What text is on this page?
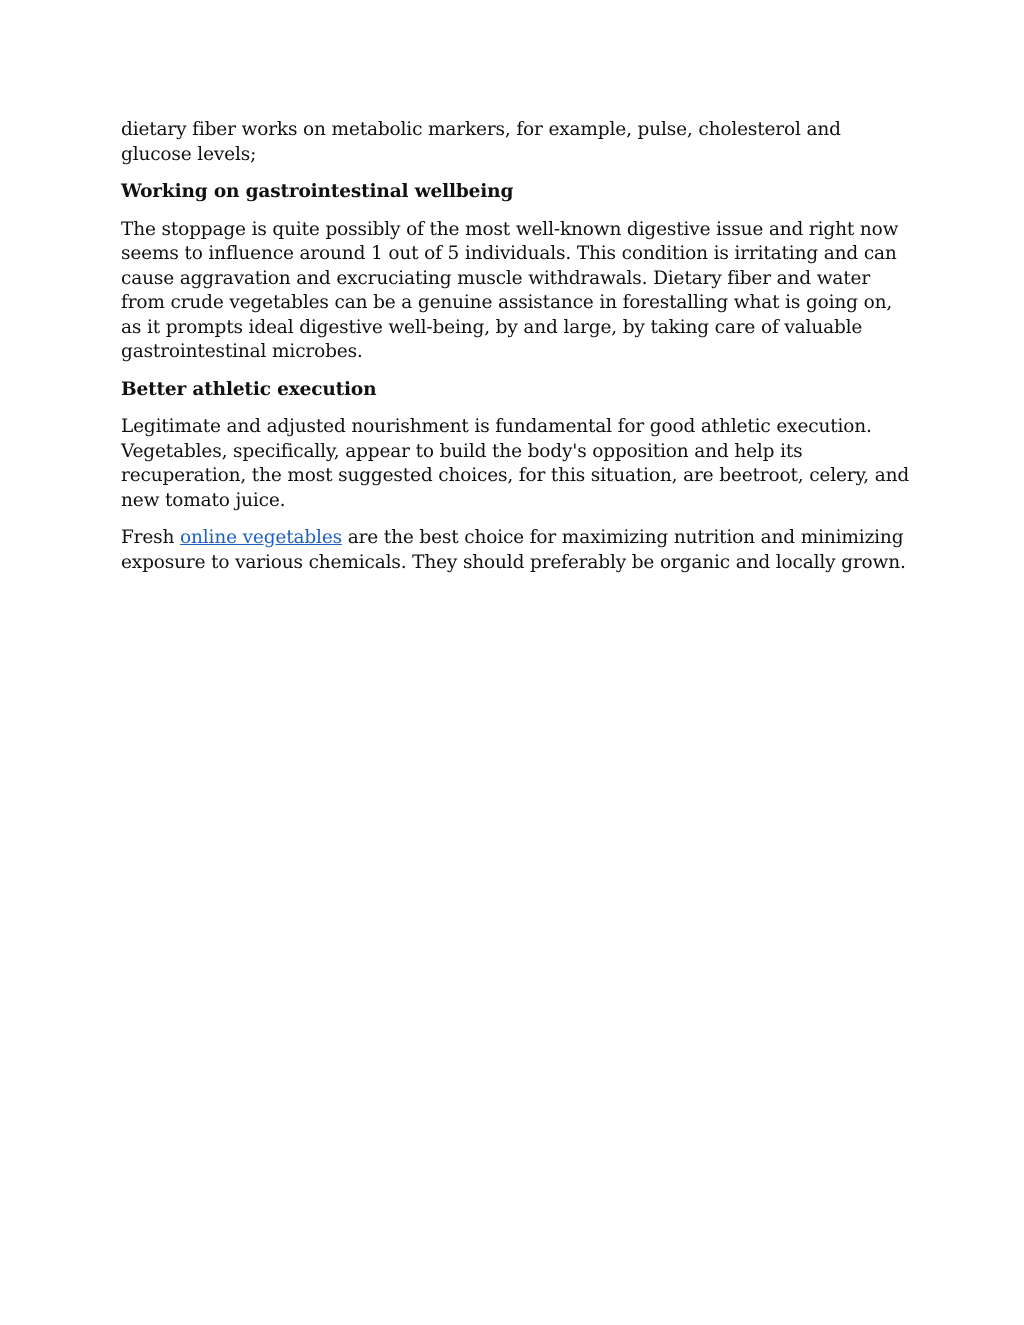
dietary fiber works on metabolic markers, for example, pulse, cholesterol and glucose levels;

Working on gastrointestinal wellbeing

The stoppage is quite possibly of the most well-known digestive issue and right now seems to influence around 1 out of 5 individuals. This condition is irritating and can cause aggravation and excruciating muscle withdrawals. Dietary fiber and water from crude vegetables can be a genuine assistance in forestalling what is going on, as it prompts ideal digestive well-being, by and large, by taking care of valuable gastrointestinal microbes.

Better athletic execution

Legitimate and adjusted nourishment is fundamental for good athletic execution. Vegetables, specifically, appear to build the body's opposition and help its recuperation, the most suggested choices, for this situation, are beetroot, celery, and new tomato juice.

Fresh online vegetables are the best choice for maximizing nutrition and minimizing exposure to various chemicals. They should preferably be organic and locally grown.
